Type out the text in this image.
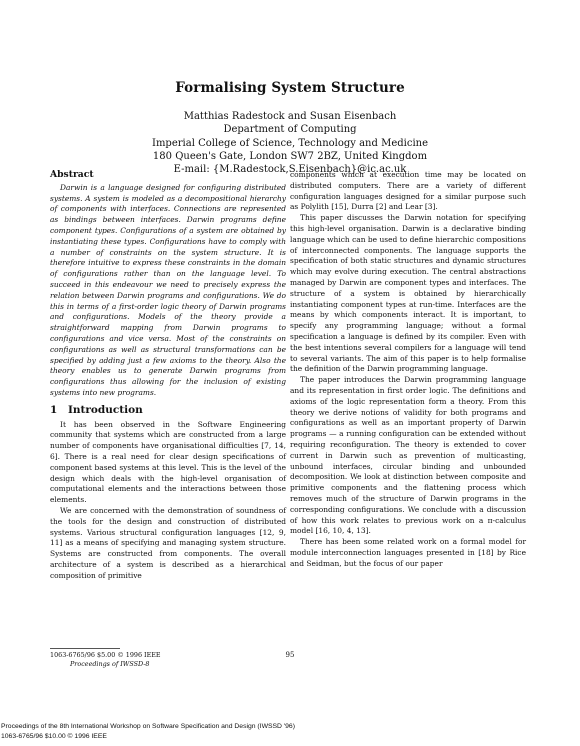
Formalising System Structure
Matthias Radestock and Susan Eisenbach
Department of Computing
Imperial College of Science, Technology and Medicine
180 Queen's Gate, London SW7 2BZ, United Kingdom
E-mail: {M.Radestock,S.Eisenbach}@ic.ac.uk

Abstract

Darwin is a language designed for configuring distributed systems. A system is modeled as a decompositional hierarchy of components with interfaces. Connections are represented as bindings between interfaces. Darwin programs define component types. Configurations of a system are obtained by instantiating these types. Configurations have to comply with a number of constraints on the system structure. It is therefore intuitive to express these constraints in the domain of configurations rather than on the language level. To succeed in this endeavour we need to precisely express the relation between Darwin programs and configurations. We do this in terms of a first-order logic theory of Darwin programs and configurations. Models of the theory provide a straightforward mapping from Darwin programs to configurations and vice versa. Most of the constraints on configurations as well as structural transformations can be specified by adding just a few axioms to the theory. Also the theory enables us to generate Darwin programs from configurations thus allowing for the inclusion of existing systems into new programs.

1 Introduction

It has been observed in the Software Engineering community that systems which are constructed from a large number of components have organisational difficulties [7, 14, 6]. There is a real need for clear design specifications of component based systems at this level. This is the level of the design which deals with the high-level organisation of computational elements and the interactions between those elements.

We are concerned with the demonstration of soundness of the tools for the design and construction of distributed systems. Various structural configuration languages [12, 9, 11] as a means of specifying and managing system structure. Systems are constructed from components. The overall architecture of a system is described as a hierarchical composition of primitive

components which at execution time may be located on distributed computers. There are a variety of different configuration languages designed for a similar purpose such as Polylith [15], Durra [2] and Lear [3].

This paper discusses the Darwin notation for specifying this high-level organisation. Darwin is a declarative binding language which can be used to define hierarchic compositions of interconnected components. The language supports the specification of both static structures and dynamic structures which may evolve during execution. The central abstractions managed by Darwin are component types and interfaces. The structure of a system is obtained by hierarchically instantiating component types at run-time. Interfaces are the means by which components interact. It is important, to specify any programming language; without a formal specification a language is defined by its compiler. Even with the best intentions several compilers for a language will tend to several variants. The aim of this paper is to help formalise the definition of the Darwin programming language.

The paper introduces the Darwin programming language and its representation in first order logic. The definitions and axioms of the logic representation form a theory. From this theory we derive notions of validity for both programs and configurations as well as an important property of Darwin programs — a running configuration can be extended without requiring reconfiguration. The theory is extended to cover current in Darwin such as prevention of multicasting, unbound interfaces, circular binding and unbounded decomposition. We look at distinction between composite and primitive components and the flattening process which removes much of the structure of Darwin programs in the corresponding configurations. We conclude with a discussion of how this work relates to previous work on a π-calculus model [16, 10, 4, 13].

There has been some related work on a formal model for module interconnection languages presented in [18] by Rice and Seidman, but the focus of our paper

1063-6765/96 $5.00 © 1996 IEEE
Proceedings of IWSSD-8
95
Proceedings of the 8th International Workshop on Software Specification and Design (IWSSD '96)
1063-6765/96 $10.00 © 1996 IEEE
